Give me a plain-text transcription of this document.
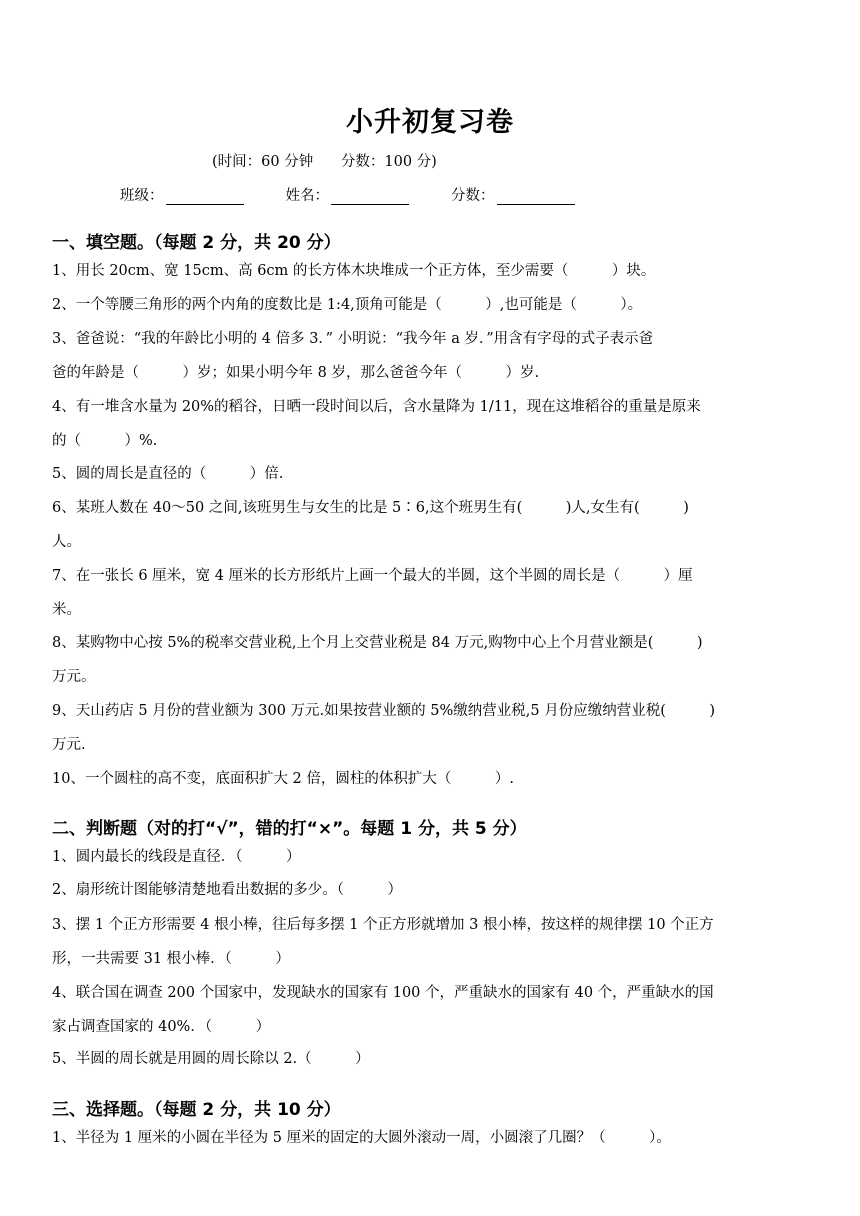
小升初复习卷
(时间：60 分钟 分数：100 分)
班级：	姓名：	分数：
一、填空题。（每题 2 分，共 20 分）
1、用长 20cm、宽 15cm、高 6cm 的长方体木块堆成一个正方体，至少需要（　　　）块。
2、一个等腰三角形的两个内角的度数比是 1:4,顶角可能是（　　　）,也可能是（　　　）。
3、爸爸说：“我的年龄比小明的 4 倍多 3．” 小明说：“我今年 a 岁．”用含有字母的式子表示爸
爸的年龄是（　　　）岁；如果小明今年 8 岁，那么爸爸今年（　　　）岁.
4、有一堆含水量为 20%的稻谷，日晒一段时间以后，含水量降为 1/11，现在这堆稻谷的重量是原来
的（　　　）%.
5、圆的周长是直径的（　　　）倍.
6、某班人数在 40～50 之间,该班男生与女生的比是 5∶6,这个班男生有(　　　)人,女生有(　　　)
人。
7、在一张长 6 厘米，宽 4 厘米的长方形纸片上画一个最大的半圆，这个半圆的周长是（　　　）厘
米。
8、某购物中心按 5%的税率交营业税,上个月上交营业税是 84 万元,购物中心上个月营业额是(　　　)
万元。
9、天山药店 5 月份的营业额为 300 万元.如果按营业额的 5%缴纳营业税,5 月份应缴纳营业税(　　　)
万元.
10、一个圆柱的高不变，底面积扩大 2 倍，圆柱的体积扩大（　　　）.
二、判断题（对的打“√”，错的打“×”。每题 1 分，共 5 分）
1、圆内最长的线段是直径．（　　　）
2、扇形统计图能够清楚地看出数据的多少。（　　　）
3、摆 1 个正方形需要 4 根小棒，往后每多摆 1 个正方形就增加 3 根小棒，按这样的规律摆 10 个正方
形，一共需要 31 根小棒．（　　　）
4、联合国在调查 200 个国家中，发现缺水的国家有 100 个，严重缺水的国家有 40 个，严重缺水的国
家占调查国家的 40%．（　　　）
5、半圆的周长就是用圆的周长除以 2.（　　　）
三、选择题。（每题 2 分，共 10 分）
1、半径为 1 厘米的小圆在半径为 5 厘米的固定的大圆外滚动一周，小圆滚了几圈？（　　　）。
